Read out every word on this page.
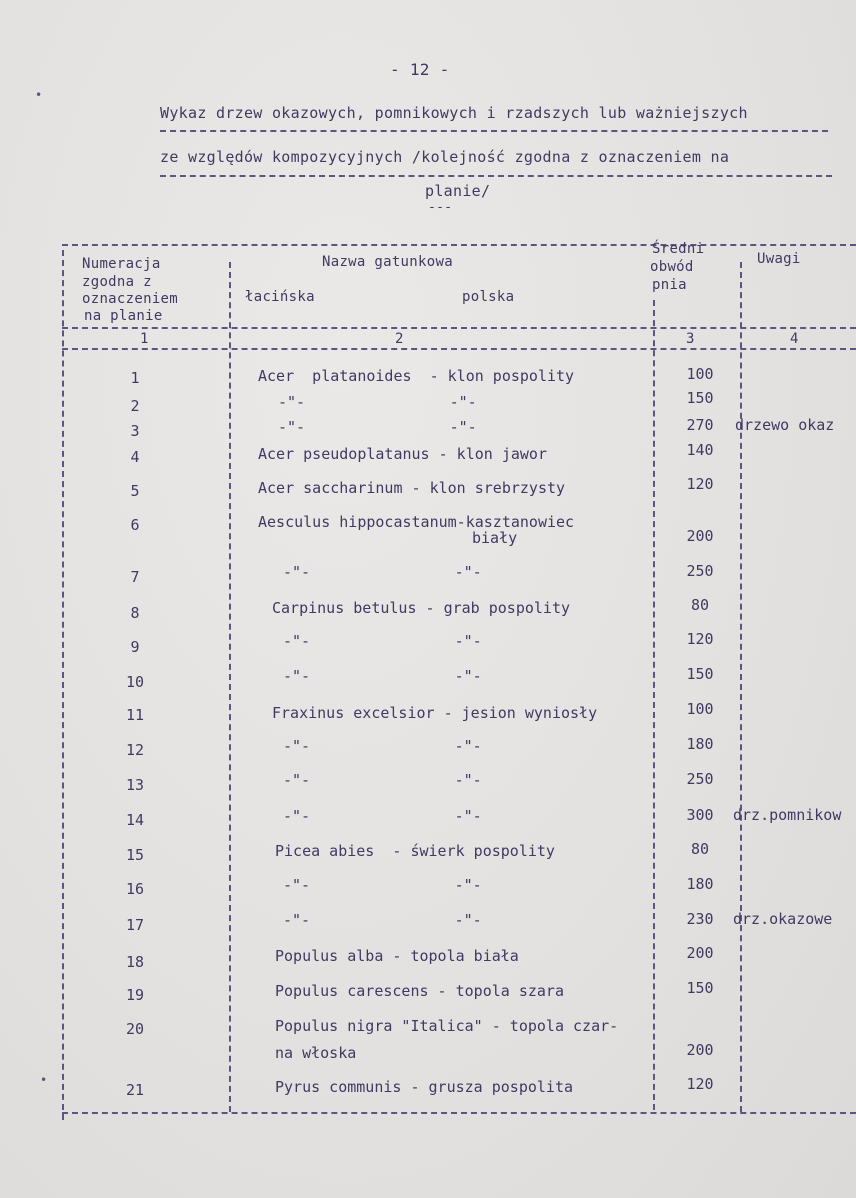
- 12 -
Wykaz drzew okazowych, pomnikowych i rzadszych lub ważniejszych
ze względów kompozycyjnych /kolejność zgodna z oznaczeniem na
planie/
---
Numeracja
zgodna z
oznaczeniem
na planie
Nazwa gatunkowa
łacińska	polska
Średni
obwód
pnia
Uwagi
1	2	3	4
1	Acer  platanoides  - klon pospolity	100
2	-"-                -"-	150
3	-"-                -"-	270	drzewo okaz
4	Acer pseudoplatanus - klon jawor	140
5	Acer saccharinum - klon srebrzysty	120
6	Aesculus hippocastanum-kasztanowiec
biały	200
7	-"-                -"-	250
8	Carpinus betulus - grab pospolity	80
9	-"-                -"-	120
10	-"-                -"-	150
11	Fraxinus excelsior - jesion wyniosły	100
12	-"-                -"-	180
13	-"-                -"-	250
14	-"-                -"-	300	drz.pomnikow
15	Picea abies  - świerk pospolity	80
16	-"-                -"-	180
17	-"-                -"-	230	drz.okazowe
18	Populus alba - topola biała	200
19	Populus carescens - topola szara	150
20	Populus nigra "Italica" - topola czar-
na włoska	200
21	Pyrus communis - grusza pospolita	120
•
•
